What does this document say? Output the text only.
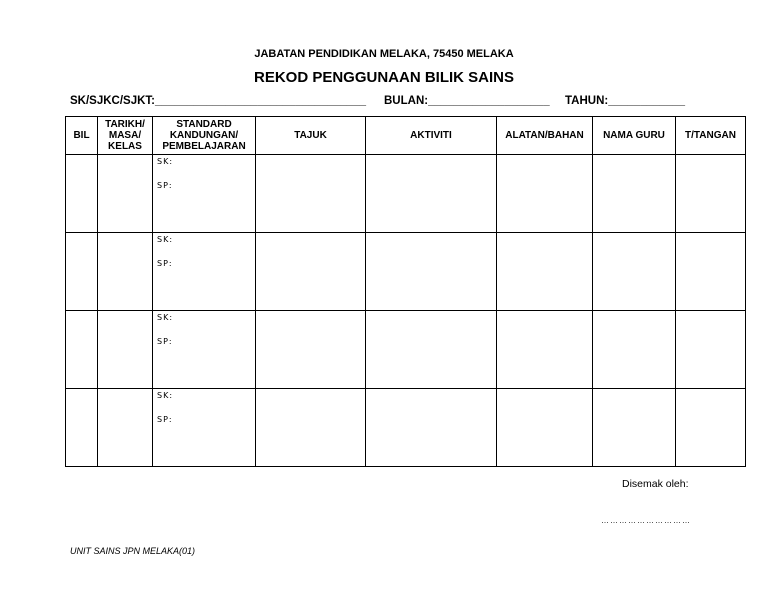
JABATAN PENDIDIKAN MELAKA, 75450 MELAKA
REKOD PENGGUNAAN BILIK SAINS
SK/SJKC/SJKT:_________________________________ BULAN:___________________ TAHUN:____________
BIL	TARIKH/
MASA/
KELAS	STANDARD
KANDUNGAN/
PEMBELAJARAN	TAJUK	AKTIVITI	ALATAN/BAHAN	NAMA GURU	T/TANGAN

		SK:
SP:					

		SK:
SP:					

		SK:
SP:					

		SK:
SP:					

Disemak oleh:
…………………………
UNIT SAINS JPN MELAKA(01)
